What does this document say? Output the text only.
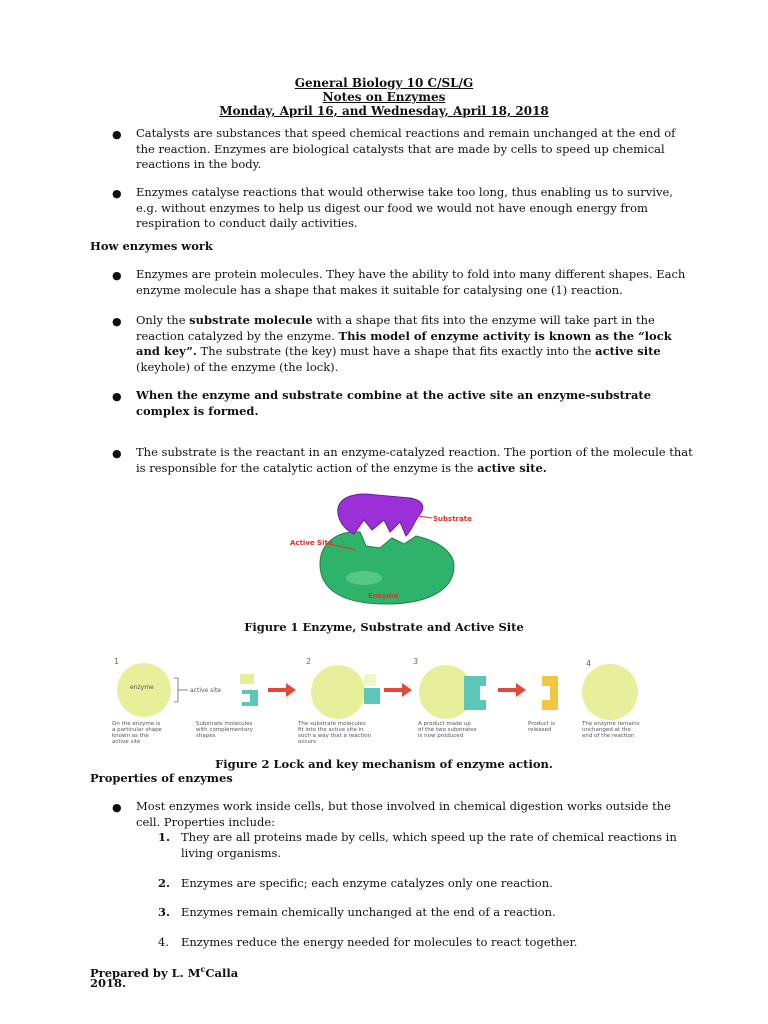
General Biology 10 C/SL/G
Notes on Enzymes
Monday, April 16, and Wednesday, April 18, 2018
● Catalysts are substances that speed chemical reactions and remain unchanged at the end of the reaction. Enzymes are biological catalysts that are made by cells to speed up chemical reactions in the body.
● Enzymes catalyse reactions that would otherwise take too long, thus enabling us to survive, e.g. without enzymes to help us digest our food we would not have enough energy from respiration to conduct daily activities.
How enzymes work
● Enzymes are protein molecules. They have the ability to fold into many different shapes. Each enzyme molecule has a shape that makes it suitable for catalysing one (1) reaction.
● Only the substrate molecule with a shape that fits into the enzyme will take part in the reaction catalyzed by the enzyme. This model of enzyme activity is known as the “lock and key”. The substrate (the key) must have a shape that fits exactly into the active site (keyhole) of the enzyme (the lock).
● When the enzyme and substrate combine at the active site an enzyme-substrate complex is formed.
● The substrate is the reactant in an enzyme-catalyzed reaction. The portion of the molecule that is responsible for the catalytic action of the enzyme is the active site.
Substrate
Active Site
Enzyme
Figure 1 Enzyme, Substrate and Active Site
1	2	3	4
enzyme	active site
On the enzyme is
a particular shape
known as the
active site
Substrate molecules
with complementary
shapes
The substrate molecules
fit into the active site in
such a way that a reaction
occurs
A product made up
of the two substrates
is now produced
Product is
released
The enzyme remains
unchanged at the
end of the reaction
Figure 2 Lock and key mechanism of enzyme action.
Properties of enzymes
● Most enzymes work inside cells, but those involved in chemical digestion works outside the cell. Properties include:
1. They are all proteins made by cells, which speed up the rate of chemical reactions in living organisms.
2. Enzymes are specific; each enzyme catalyzes only one reaction.
3. Enzymes remain chemically unchanged at the end of a reaction.
4.	Enzymes reduce the energy needed for molecules to react together.
Prepared by L. $M^cCalla$
2018.
